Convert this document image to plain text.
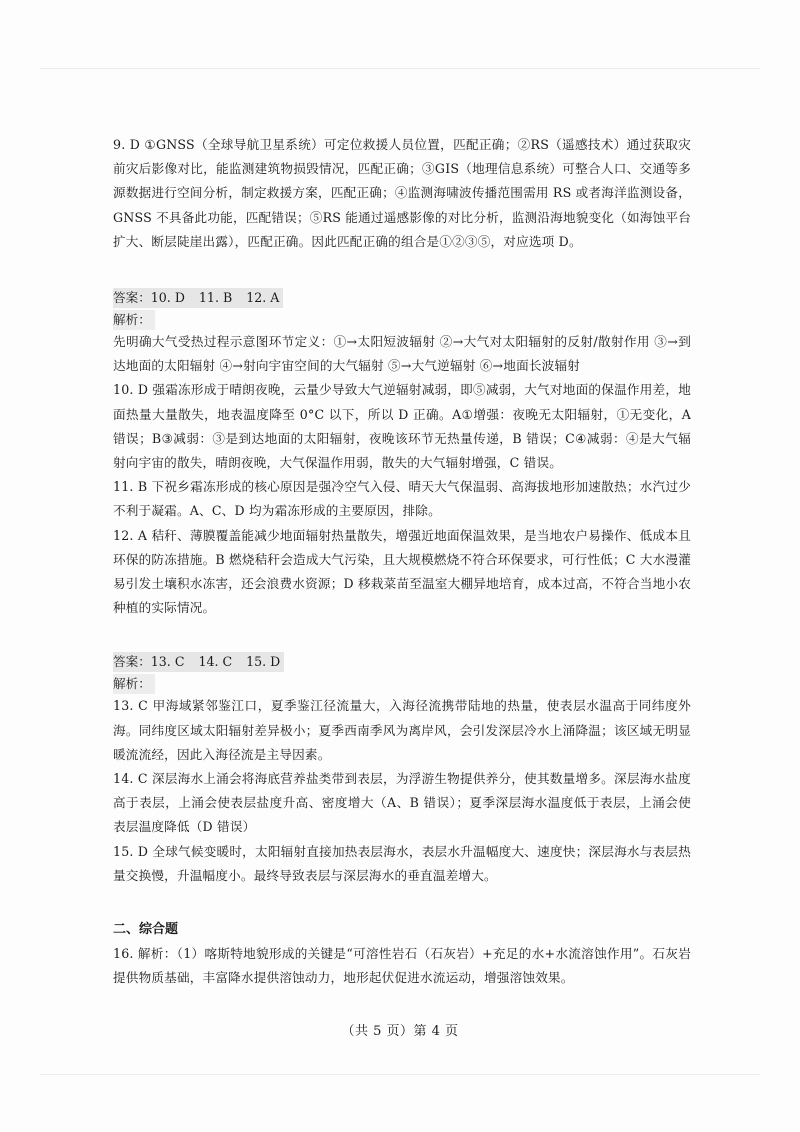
9. D ①GNSS（全球导航卫星系统）可定位救援人员位置，匹配正确；②RS（遥感技术）通过获取灾前灾后影像对比，能监测建筑物损毁情况，匹配正确；③GIS（地理信息系统）可整合人口、交通等多源数据进行空间分析，制定救援方案，匹配正确；④监测海啸波传播范围需用 RS 或者海洋监测设备，GNSS 不具备此功能，匹配错误；⑤RS 能通过遥感影像的对比分析，监测沿海地貌变化（如海蚀平台扩大、断层陡崖出露），匹配正确。因此匹配正确的组合是①②③⑤，对应选项 D。

答案：10. D 11. B 12. A
解析：

先明确大气受热过程示意图环节定义：①→太阳短波辐射 ②→大气对太阳辐射的反射/散射作用 ③→到达地面的太阳辐射 ④→射向宇宙空间的大气辐射 ⑤→大气逆辐射 ⑥→地面长波辐射

10. D 强霜冻形成于晴朗夜晚，云量少导致大气逆辐射减弱，即⑤减弱，大气对地面的保温作用差，地面热量大量散失，地表温度降至 0°C 以下，所以 D 正确。A①增强：夜晚无太阳辐射，①无变化，A 错误；B③减弱：③是到达地面的太阳辐射，夜晚该环节无热量传递，B 错误；C④减弱：④是大气辐射向宇宙的散失，晴朗夜晚，大气保温作用弱，散失的大气辐射增强，C 错误。

11. B 下祝乡霜冻形成的核心原因是强冷空气入侵、晴天大气保温弱、高海拔地形加速散热；水汽过少不利于凝霜。A、C、D 均为霜冻形成的主要原因，排除。

12. A 秸秆、薄膜覆盖能减少地面辐射热量散失，增强近地面保温效果，是当地农户易操作、低成本且环保的防冻措施。B 燃烧秸秆会造成大气污染，且大规模燃烧不符合环保要求，可行性低；C 大水漫灌易引发土壤积水冻害，还会浪费水资源；D 移栽菜苗至温室大棚异地培育，成本过高，不符合当地小农种植的实际情况。

答案：13. C 14. C 15. D
解析：

13. C 甲海域紧邻鉴江口，夏季鉴江径流量大，入海径流携带陆地的热量，使表层水温高于同纬度外海。同纬度区域太阳辐射差异极小；夏季西南季风为离岸风，会引发深层冷水上涌降温；该区域无明显暖流流经，因此入海径流是主导因素。

14. C 深层海水上涌会将海底营养盐类带到表层，为浮游生物提供养分，使其数量增多。深层海水盐度高于表层，上涌会使表层盐度升高、密度增大（A、B 错误）；夏季深层海水温度低于表层，上涌会使表层温度降低（D 错误）

15. D 全球气候变暖时，太阳辐射直接加热表层海水，表层水升温幅度大、速度快；深层海水与表层热量交换慢，升温幅度小。最终导致表层与深层海水的垂直温差增大。

二、综合题

16. 解析：（1）喀斯特地貌形成的关键是“可溶性岩石（石灰岩）+充足的水+水流溶蚀作用”。石灰岩提供物质基础，丰富降水提供溶蚀动力，地形起伏促进水流运动，增强溶蚀效果。

（共 5 页）第 4 页
